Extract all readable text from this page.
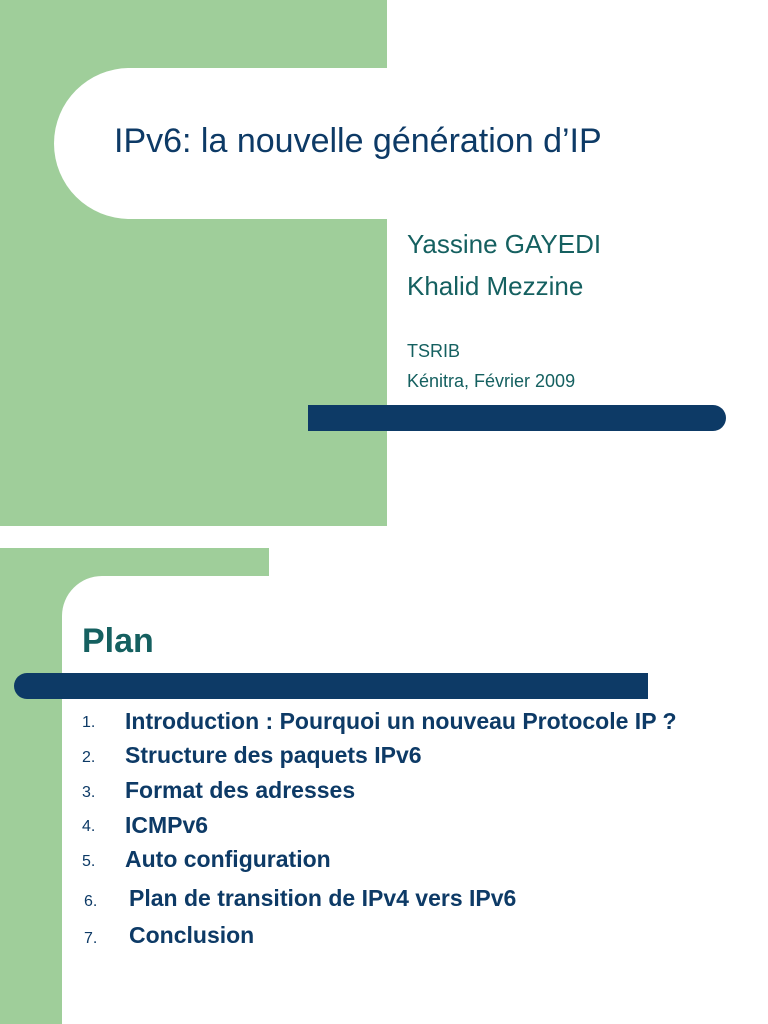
IPv6: la nouvelle génération d’IP
Yassine GAYEDI
Khalid Mezzine
TSRIB
Kénitra, Février 2009
Plan
1. Introduction : Pourquoi un nouveau Protocole IP ?
2. Structure des paquets IPv6
3. Format des adresses
4. ICMPv6
5. Auto configuration
6. Plan de transition de IPv4 vers IPv6
7. Conclusion
